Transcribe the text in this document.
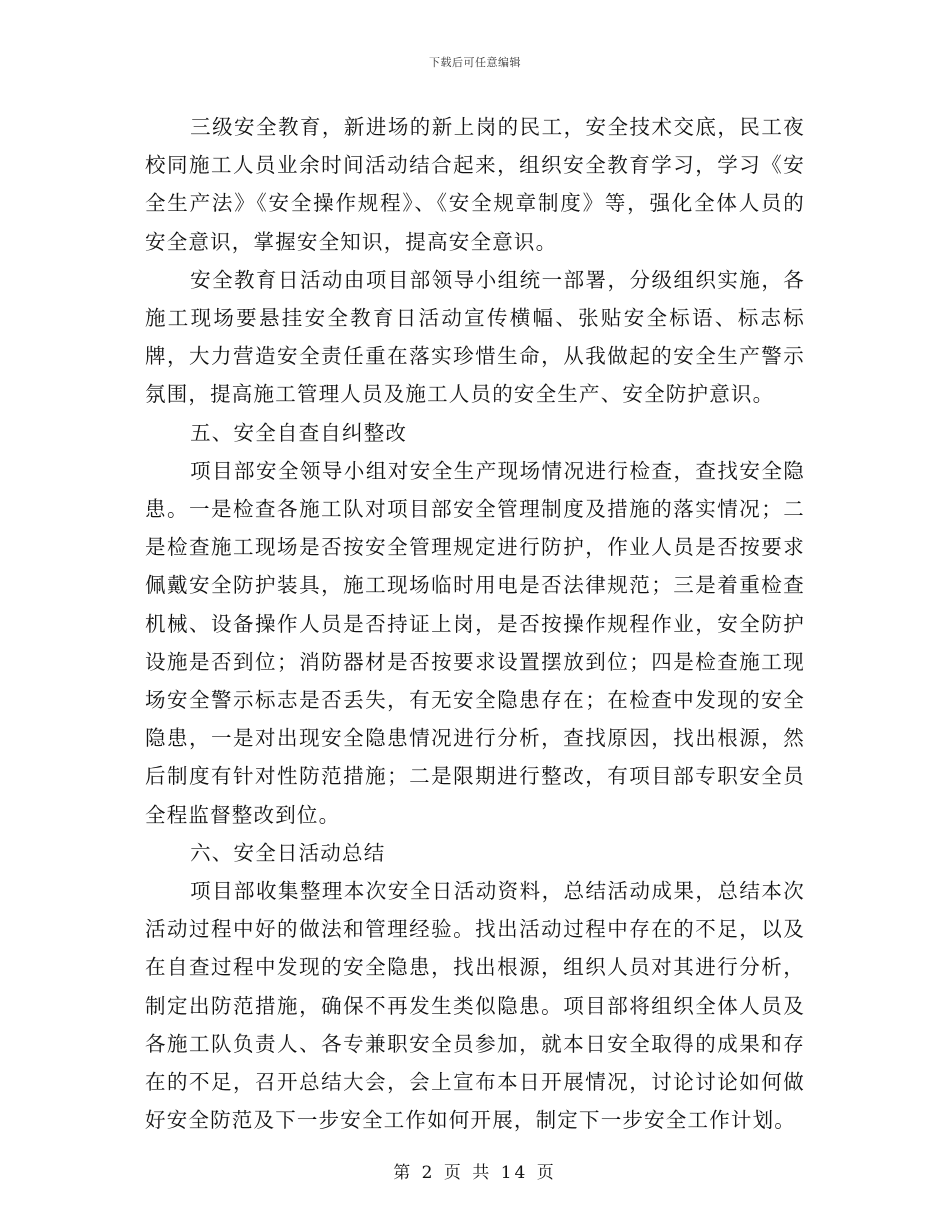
下载后可任意编辑

三级安全教育，新进场的新上岗的民工，安全技术交底，民工夜校同施工人员业余时间活动结合起来，组织安全教育学习，学习《安全生产法》《安全操作规程》、《安全规章制度》等，强化全体人员的安全意识，掌握安全知识，提高安全意识。

安全教育日活动由项目部领导小组统一部署，分级组织实施，各施工现场要悬挂安全教育日活动宣传横幅、张贴安全标语、标志标牌，大力营造安全责任重在落实珍惜生命，从我做起的安全生产警示氛围，提高施工管理人员及施工人员的安全生产、安全防护意识。

五、安全自查自纠整改

项目部安全领导小组对安全生产现场情况进行检查，查找安全隐患。一是检查各施工队对项目部安全管理制度及措施的落实情况；二是检查施工现场是否按安全管理规定进行防护，作业人员是否按要求佩戴安全防护装具，施工现场临时用电是否法律规范；三是着重检查机械、设备操作人员是否持证上岗，是否按操作规程作业，安全防护设施是否到位；消防器材是否按要求设置摆放到位；四是检查施工现场安全警示标志是否丢失，有无安全隐患存在；在检查中发现的安全隐患，一是对出现安全隐患情况进行分析，查找原因，找出根源，然后制度有针对性防范措施；二是限期进行整改，有项目部专职安全员全程监督整改到位。

六、安全日活动总结

项目部收集整理本次安全日活动资料，总结活动成果，总结本次活动过程中好的做法和管理经验。找出活动过程中存在的不足，以及在自查过程中发现的安全隐患，找出根源，组织人员对其进行分析，制定出防范措施，确保不再发生类似隐患。项目部将组织全体人员及各施工队负责人、各专兼职安全员参加，就本日安全取得的成果和存在的不足，召开总结大会，会上宣布本日开展情况，讨论讨论如何做好安全防范及下一步安全工作如何开展，制定下一步安全工作计划。

第 2 页 共 14 页
